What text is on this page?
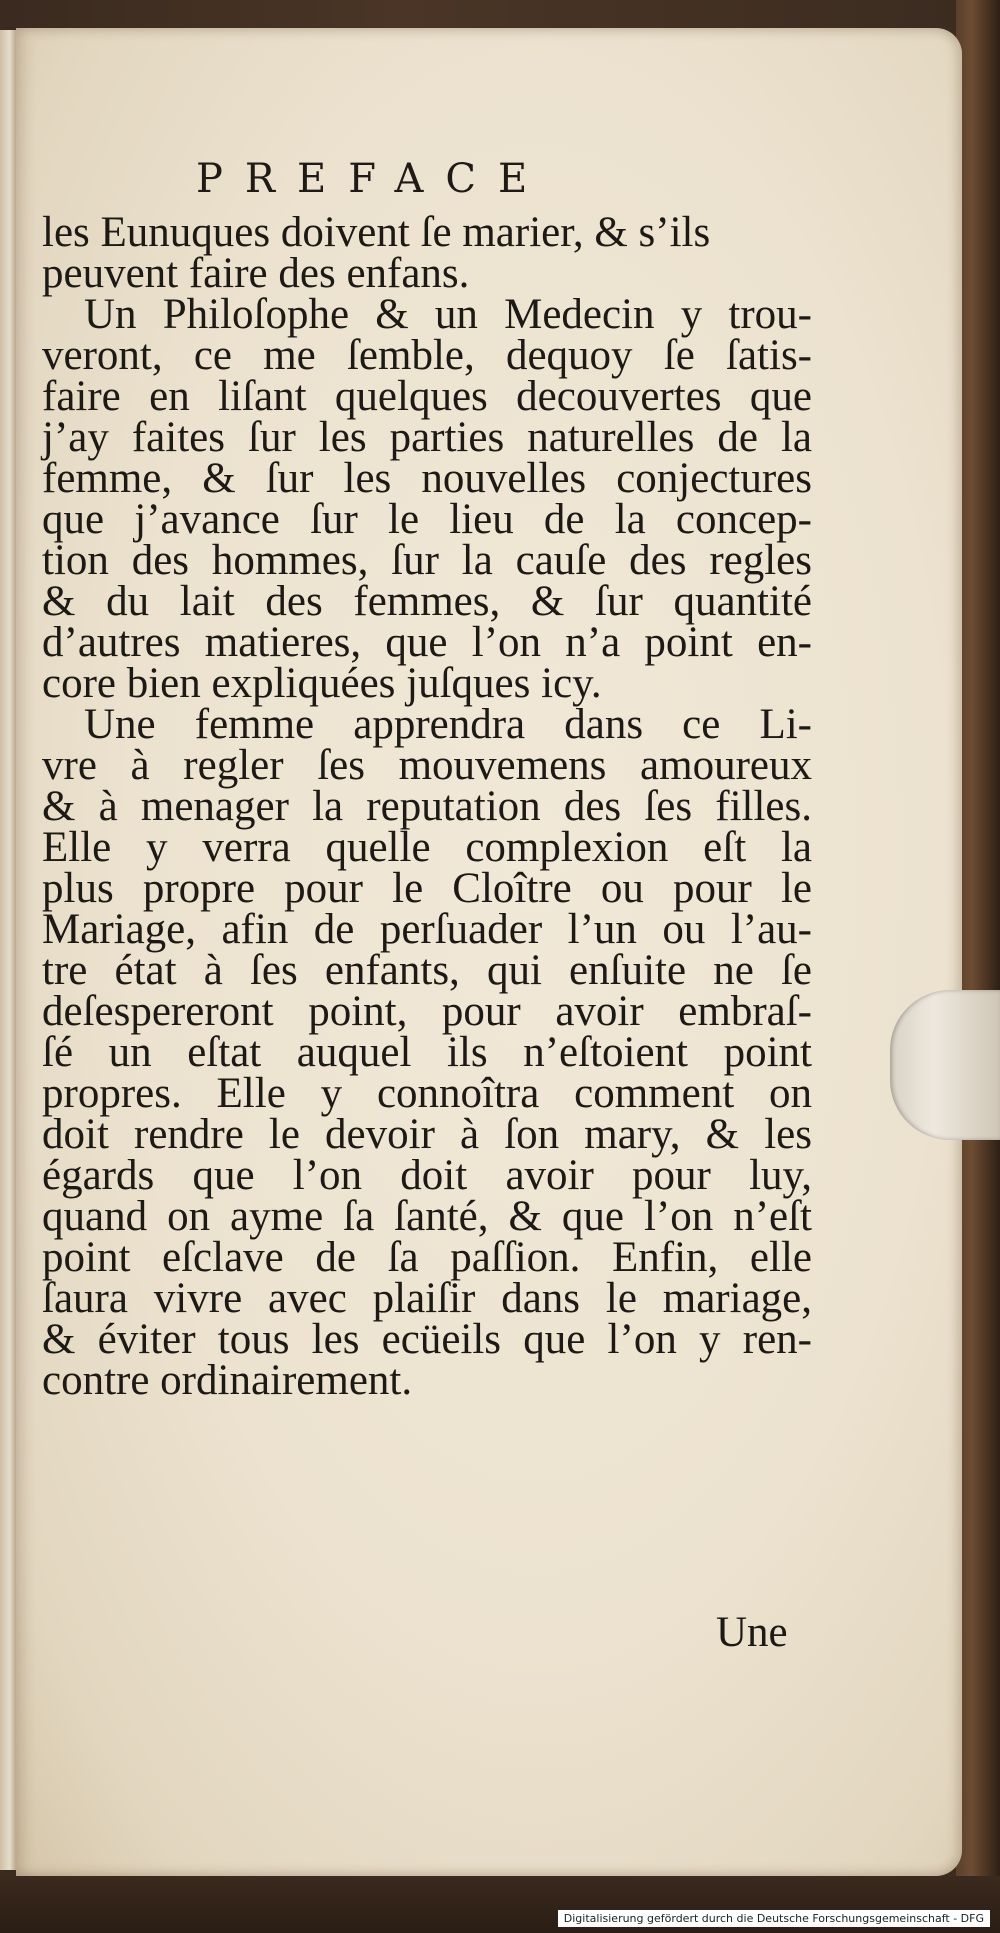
PREFACE

les Eunuques doivent ſe marier, & s’ils

peuvent faire des enfans.

Un Philoſophe & un Medecin y trou-

veront, ce me ſemble, dequoy ſe ſatis-

faire en liſant quelques decouvertes que

j’ay faites ſur les parties naturelles de la

femme, & ſur les nouvelles conjectures

que j’avance ſur le lieu de la concep-

tion des hommes, ſur la cauſe des regles

& du lait des femmes, & ſur quantité

d’autres matieres, que l’on n’a point en-

core bien expliquées juſques icy.

Une femme apprendra dans ce Li-

vre à regler ſes mouvemens amoureux

& à menager la reputation des ſes filles.

Elle y verra quelle complexion eſt la

plus propre pour le Cloître ou pour le

Mariage, afin de perſuader l’un ou l’au-

tre état à ſes enfants, qui enſuite ne ſe

deſespereront point, pour avoir embraſ-

ſé un eſtat auquel ils n’eſtoient point

propres. Elle y connoîtra comment on

doit rendre le devoir à ſon mary, & les

égards que l’on doit avoir pour luy,

quand on ayme ſa ſanté, & que l’on n’eſt

point eſclave de ſa paſſion. Enfin, elle

ſaura vivre avec plaiſir dans le mariage,

& éviter tous les ecüeils que l’on y ren-

contre ordinairement.

Une

Digitalisierung gefördert durch die Deutsche Forschungsgemeinschaft - DFG
